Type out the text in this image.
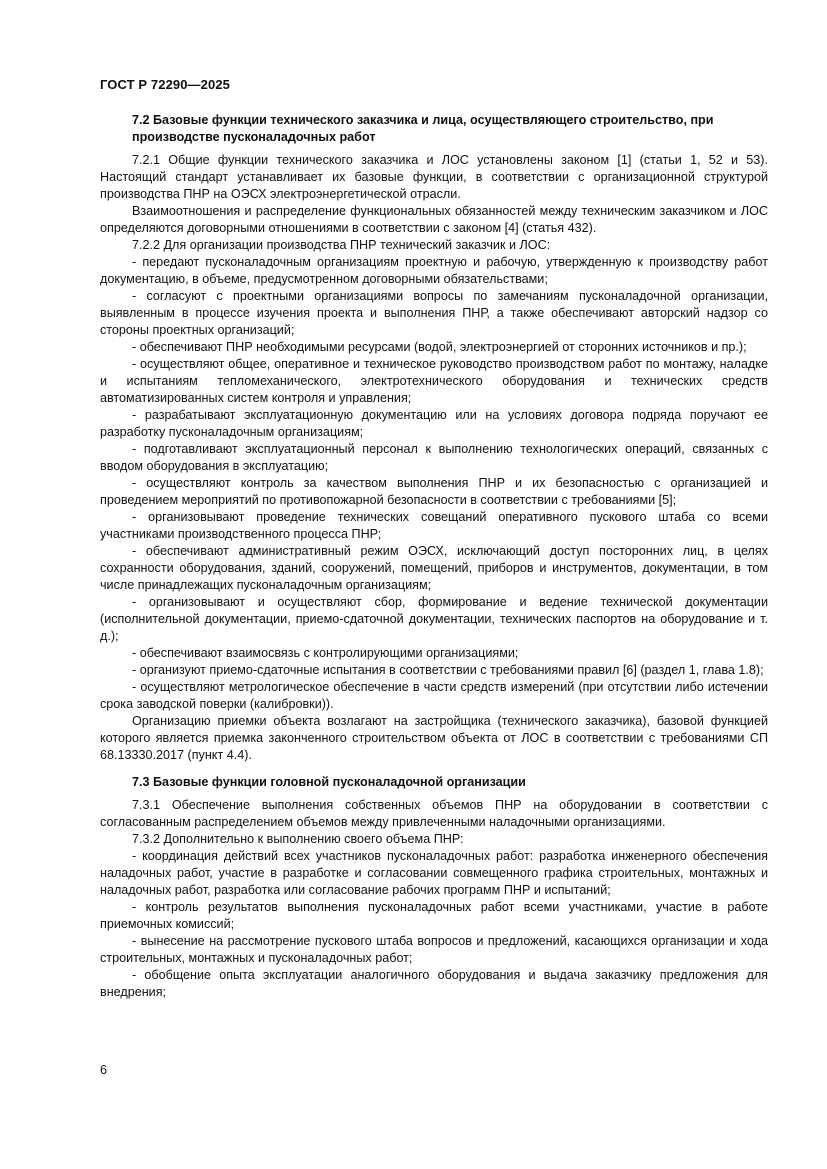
ГОСТ Р 72290—2025
7.2 Базовые функции технического заказчика и лица, осуществляющего строительство, при производстве пусконаладочных работ

7.2.1 Общие функции технического заказчика и ЛОС установлены законом [1] (статьи 1, 52 и 53). Настоящий стандарт устанавливает их базовые функции, в соответствии с организационной структурой производства ПНР на ОЭСХ электроэнергетической отрасли.

Взаимоотношения и распределение функциональных обязанностей между техническим заказчиком и ЛОС определяются договорными отношениями в соответствии с законом [4] (статья 432).

7.2.2 Для организации производства ПНР технический заказчик и ЛОС:

- передают пусконаладочным организациям проектную и рабочую, утвержденную к производству работ документацию, в объеме, предусмотренном договорными обязательствами;

- согласуют с проектными организациями вопросы по замечаниям пусконаладочной организации, выявленным в процессе изучения проекта и выполнения ПНР, а также обеспечивают авторский надзор со стороны проектных организаций;

- обеспечивают ПНР необходимыми ресурсами (водой, электроэнергией от сторонних источников и пр.);

- осуществляют общее, оперативное и техническое руководство производством работ по монтажу, наладке и испытаниям тепломеханического, электротехнического оборудования и технических средств автоматизированных систем контроля и управления;

- разрабатывают эксплуатационную документацию или на условиях договора подряда поручают ее разработку пусконаладочным организациям;

- подготавливают эксплуатационный персонал к выполнению технологических операций, связанных с вводом оборудования в эксплуатацию;

- осуществляют контроль за качеством выполнения ПНР и их безопасностью с организацией и проведением мероприятий по противопожарной безопасности в соответствии с требованиями [5];

- организовывают проведение технических совещаний оперативного пускового штаба со всеми участниками производственного процесса ПНР;

- обеспечивают административный режим ОЭСХ, исключающий доступ посторонних лиц, в целях сохранности оборудования, зданий, сооружений, помещений, приборов и инструментов, документации, в том числе принадлежащих пусконаладочным организациям;

- организовывают и осуществляют сбор, формирование и ведение технической документации (исполнительной документации, приемо-сдаточной документации, технических паспортов на оборудование и т. д.);

- обеспечивают взаимосвязь с контролирующими организациями;

- организуют приемо-сдаточные испытания в соответствии с требованиями правил [6] (раздел 1, глава 1.8);

- осуществляют метрологическое обеспечение в части средств измерений (при отсутствии либо истечении срока заводской поверки (калибровки)).

Организацию приемки объекта возлагают на застройщика (технического заказчика), базовой функцией которого является приемка законченного строительством объекта от ЛОС в соответствии с требованиями СП 68.13330.2017 (пункт 4.4).

7.3 Базовые функции головной пусконаладочной организации

7.3.1 Обеспечение выполнения собственных объемов ПНР на оборудовании в соответствии с согласованным распределением объемов между привлеченными наладочными организациями.

7.3.2 Дополнительно к выполнению своего объема ПНР:

- координация действий всех участников пусконаладочных работ: разработка инженерного обеспечения наладочных работ, участие в разработке и согласовании совмещенного графика строительных, монтажных и наладочных работ, разработка или согласование рабочих программ ПНР и испытаний;

- контроль результатов выполнения пусконаладочных работ всеми участниками, участие в работе приемочных комиссий;

- вынесение на рассмотрение пускового штаба вопросов и предложений, касающихся организации и хода строительных, монтажных и пусконаладочных работ;

- обобщение опыта эксплуатации аналогичного оборудования и выдача заказчику предложения для внедрения;

6
